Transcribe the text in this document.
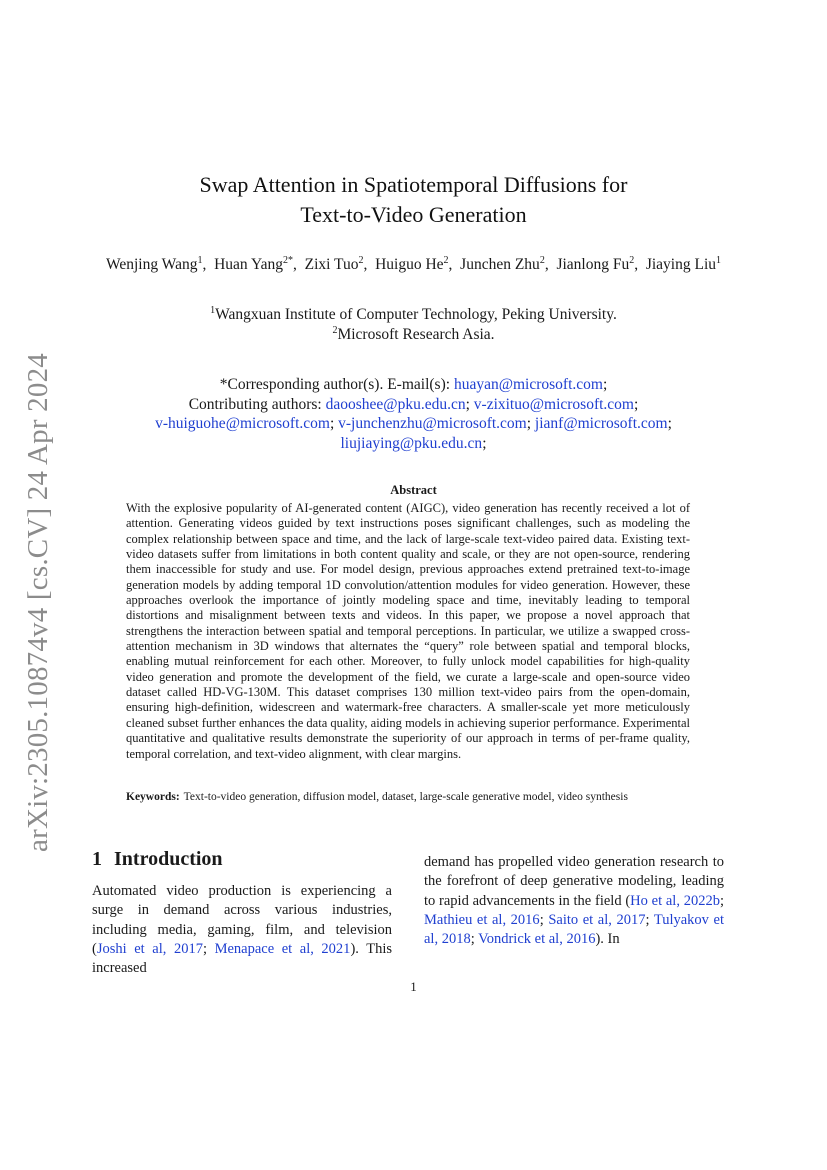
arXiv:2305.10874v4 [cs.CV] 24 Apr 2024
Swap Attention in Spatiotemporal Diffusions for
Text-to-Video Generation
Wenjing Wang$^1$,  Huan Yang$^{2*}$,  Zixi Tuo$^2$,  Huiguo He$^2$,  Junchen Zhu$^2$,  Jianlong Fu$^2$,  Jiaying Liu$^1$
$^1$Wangxuan Institute of Computer Technology, Peking University.
$^2$Microsoft Research Asia.
*Corresponding author(s). E-mail(s): huayan@microsoft.com;
Contributing authors: daooshee@pku.edu.cn; v-zixituo@microsoft.com;
v-huiguohe@microsoft.com; v-junchenzhu@microsoft.com; jianf@microsoft.com;
liujiaying@pku.edu.cn;
Abstract

With the explosive popularity of AI-generated content (AIGC), video generation has recently received a lot of attention. Generating videos guided by text instructions poses significant challenges, such as modeling the complex relationship between space and time, and the lack of large-scale text-video paired data. Existing text-video datasets suffer from limitations in both content quality and scale, or they are not open-source, rendering them inaccessible for study and use. For model design, previous approaches extend pretrained text-to-image generation models by adding temporal 1D convolution/attention modules for video generation. However, these approaches overlook the importance of jointly modeling space and time, inevitably leading to temporal distortions and misalignment between texts and videos. In this paper, we propose a novel approach that strengthens the interaction between spatial and temporal perceptions. In particular, we utilize a swapped cross-attention mechanism in 3D windows that alternates the “query” role between spatial and temporal blocks, enabling mutual reinforcement for each other. Moreover, to fully unlock model capabilities for high-quality video generation and promote the development of the field, we curate a large-scale and open-source video dataset called HD-VG-130M. This dataset comprises 130 million text-video pairs from the open-domain, ensuring high-definition, widescreen and watermark-free characters. A smaller-scale yet more meticulously cleaned subset further enhances the data quality, aiding models in achieving superior performance. Experimental quantitative and qualitative results demonstrate the superiority of our approach in terms of per-frame quality, temporal correlation, and text-video alignment, with clear margins.

Keywords: Text-to-video generation, diffusion model, dataset, large-scale generative model, video synthesis
1 Introduction

Automated video production is experiencing a surge in demand across various industries, including media, gaming, film, and television (Joshi et al, 2017; Menapace et al, 2021). This increased

demand has propelled video generation research to the forefront of deep generative modeling, leading to rapid advancements in the field (Ho et al, 2022b; Mathieu et al, 2016; Saito et al, 2017; Tulyakov et al, 2018; Vondrick et al, 2016). In

1
